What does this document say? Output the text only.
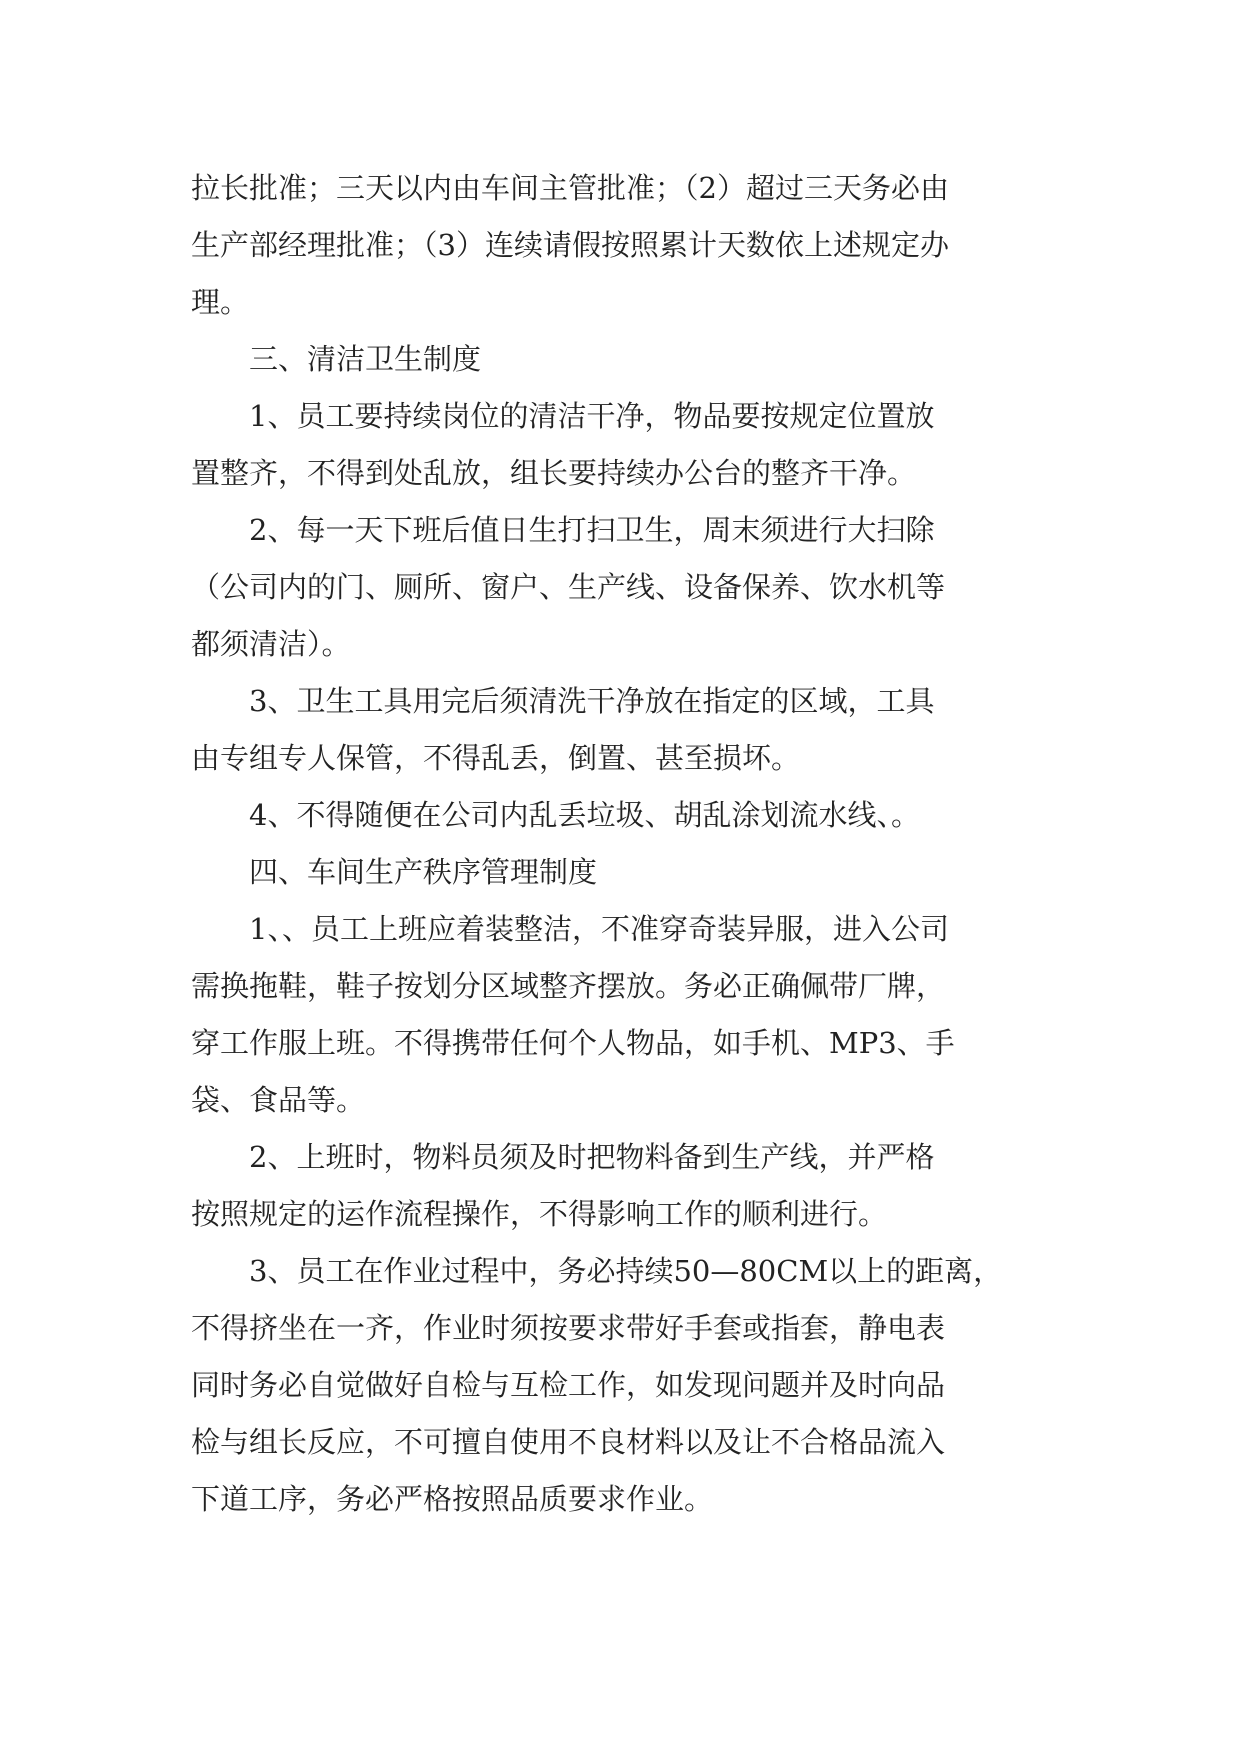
拉长批准；三天以内由车间主管批准；（2）超过三天务必由
生产部经理批准；（3）连续请假按照累计天数依上述规定办
理。
三、清洁卫生制度
1、员工要持续岗位的清洁干净，物品要按规定位置放
置整齐，不得到处乱放，组长要持续办公台的整齐干净。
2、每一天下班后值日生打扫卫生，周末须进行大扫除
（公司内的门、厕所、窗户、生产线、设备保养、饮水机等
都须清洁）。
3、卫生工具用完后须清洗干净放在指定的区域，工具
由专组专人保管，不得乱丢，倒置、甚至损坏。
4、不得随便在公司内乱丢垃圾、胡乱涂划流水线、。
四、车间生产秩序管理制度
1、、员工上班应着装整洁，不准穿奇装异服，进入公司
需换拖鞋，鞋子按划分区域整齐摆放。务必正确佩带厂牌，
穿工作服上班。不得携带任何个人物品，如手机、MP3、手
袋、食品等。
2、上班时，物料员须及时把物料备到生产线，并严格
按照规定的运作流程操作，不得影响工作的顺利进行。
3、员工在作业过程中，务必持续50—80CM以上的距离，
不得挤坐在一齐，作业时须按要求带好手套或指套，静电表
同时务必自觉做好自检与互检工作，如发现问题并及时向品
检与组长反应，不可擅自使用不良材料以及让不合格品流入
下道工序，务必严格按照品质要求作业。
